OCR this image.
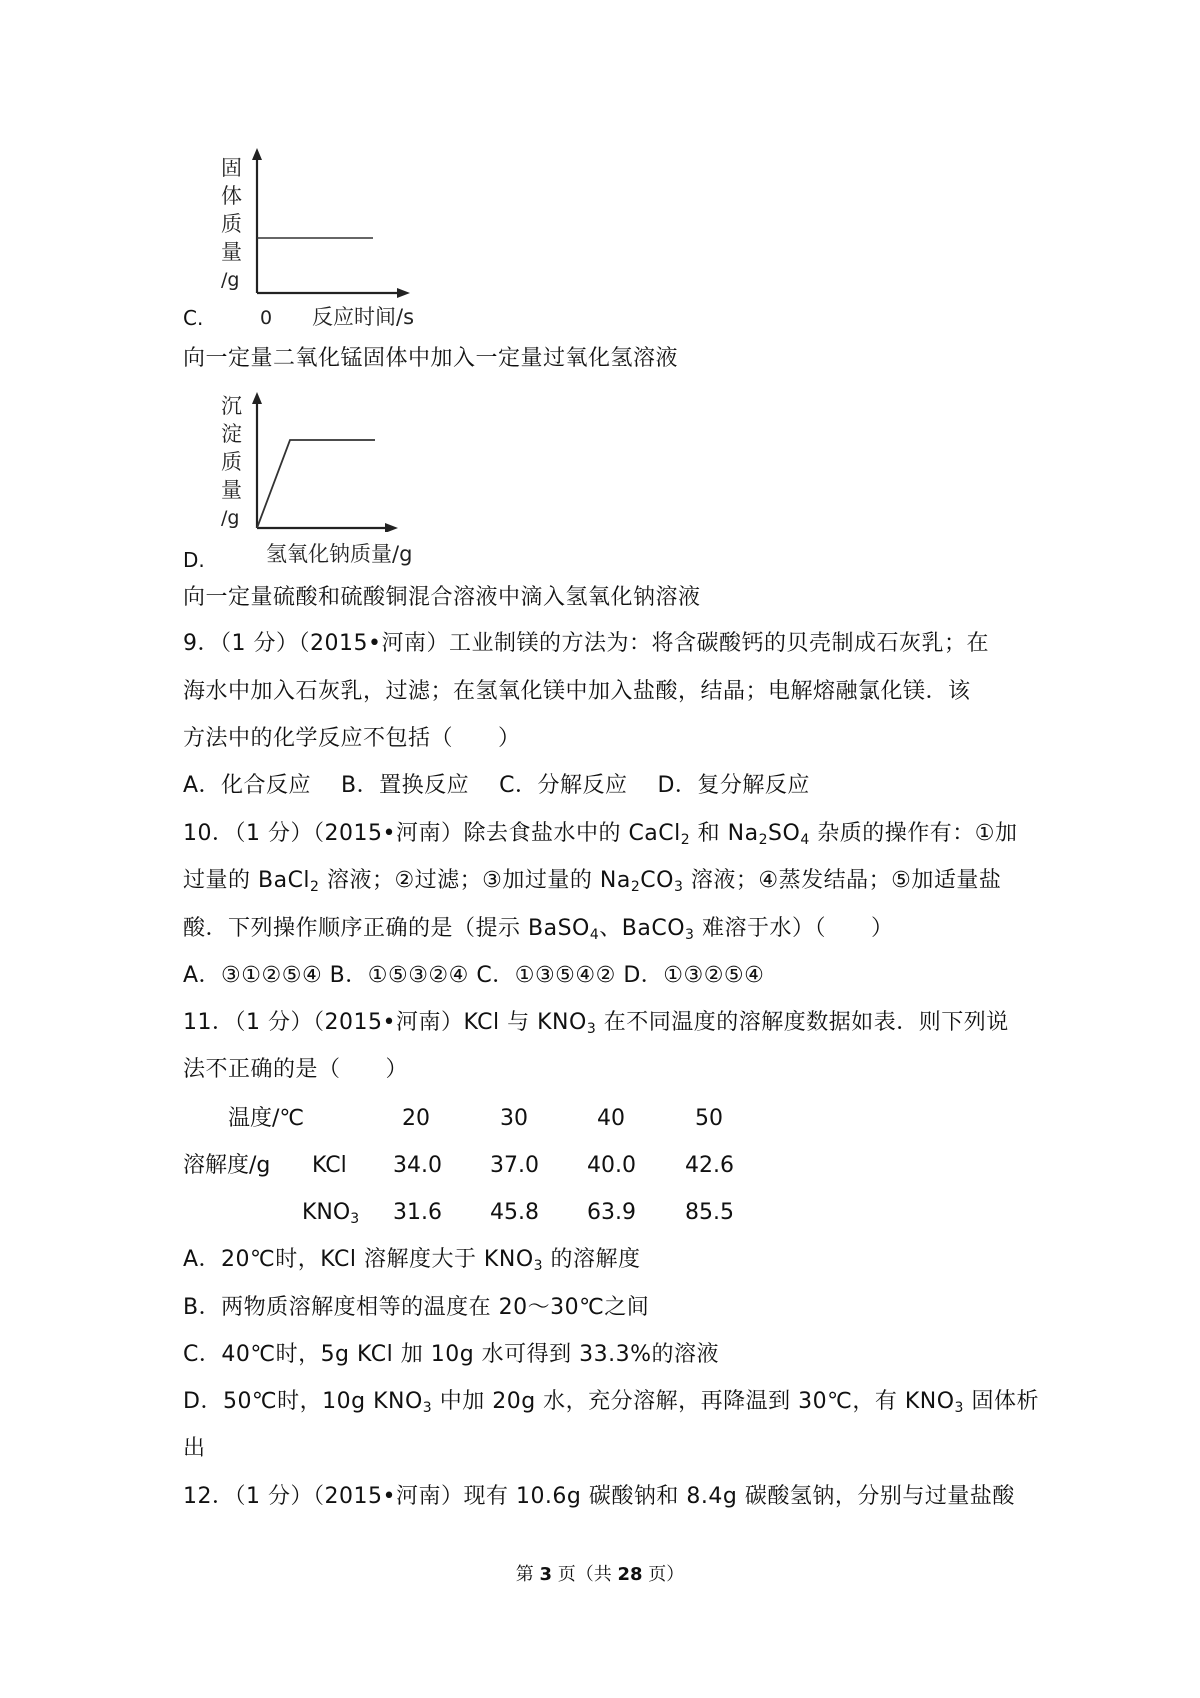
固
体
质
量
/g
C.	0 反应时间/s
向一定量二氧化锰固体中加入一定量过氧化氢溶液
沉
淀
质
量
/g
D.	氢氧化钠质量/g
向一定量硫酸和硫酸铜混合溶液中滴入氢氧化钠溶液
9．（1 分）（2015•河南）工业制镁的方法为：将含碳酸钙的贝壳制成石灰乳；在
海水中加入石灰乳，过滤；在氢氧化镁中加入盐酸，结晶；电解熔融氯化镁．该
方法中的化学反应不包括（　　）
A．化合反应　 B．置换反应　 C．分解反应　 D．复分解反应
10．（1 分）（2015•河南）除去食盐水中的 CaCl$_2$ 和 $Na_2SO_4$ 杂质的操作有：①加
过量的 BaCl$_2$ 溶液；②过滤；③加过量的 $Na_2CO_3$ 溶液；④蒸发结晶；⑤加适量盐
酸．下列操作顺序正确的是（提示 BaSO$_4$、BaCO$_3$ 难溶于水）（　　）
A．③①②⑤④ B．①⑤③②④ C．①③⑤④② D．①③②⑤④
11．（1 分）（2015•河南）KCl 与 $KNO_3$ 在不同温度的溶解度数据如表．则下列说
法不正确的是（　　）
温度/℃	20	30	40	50
溶解度/g KCl 34.0 37.0 40.0 42.6
$KNO_3$ 31.6 45.8 63.9 85.5
A．20℃时，KCl 溶解度大于 $KNO_3$ 的溶解度
B．两物质溶解度相等的温度在 20～30℃之间
C．40℃时，5g KCl 加 10g 水可得到 33.3%的溶液
D．50℃时，10g $KNO_3$ 中加 20g 水，充分溶解，再降温到 30℃，有 $KNO_3$ 固体析
出
12．（1 分）（2015•河南）现有 10.6g 碳酸钠和 8.4g 碳酸氢钠，分别与过量盐酸
第 3 页（共 28 页）
